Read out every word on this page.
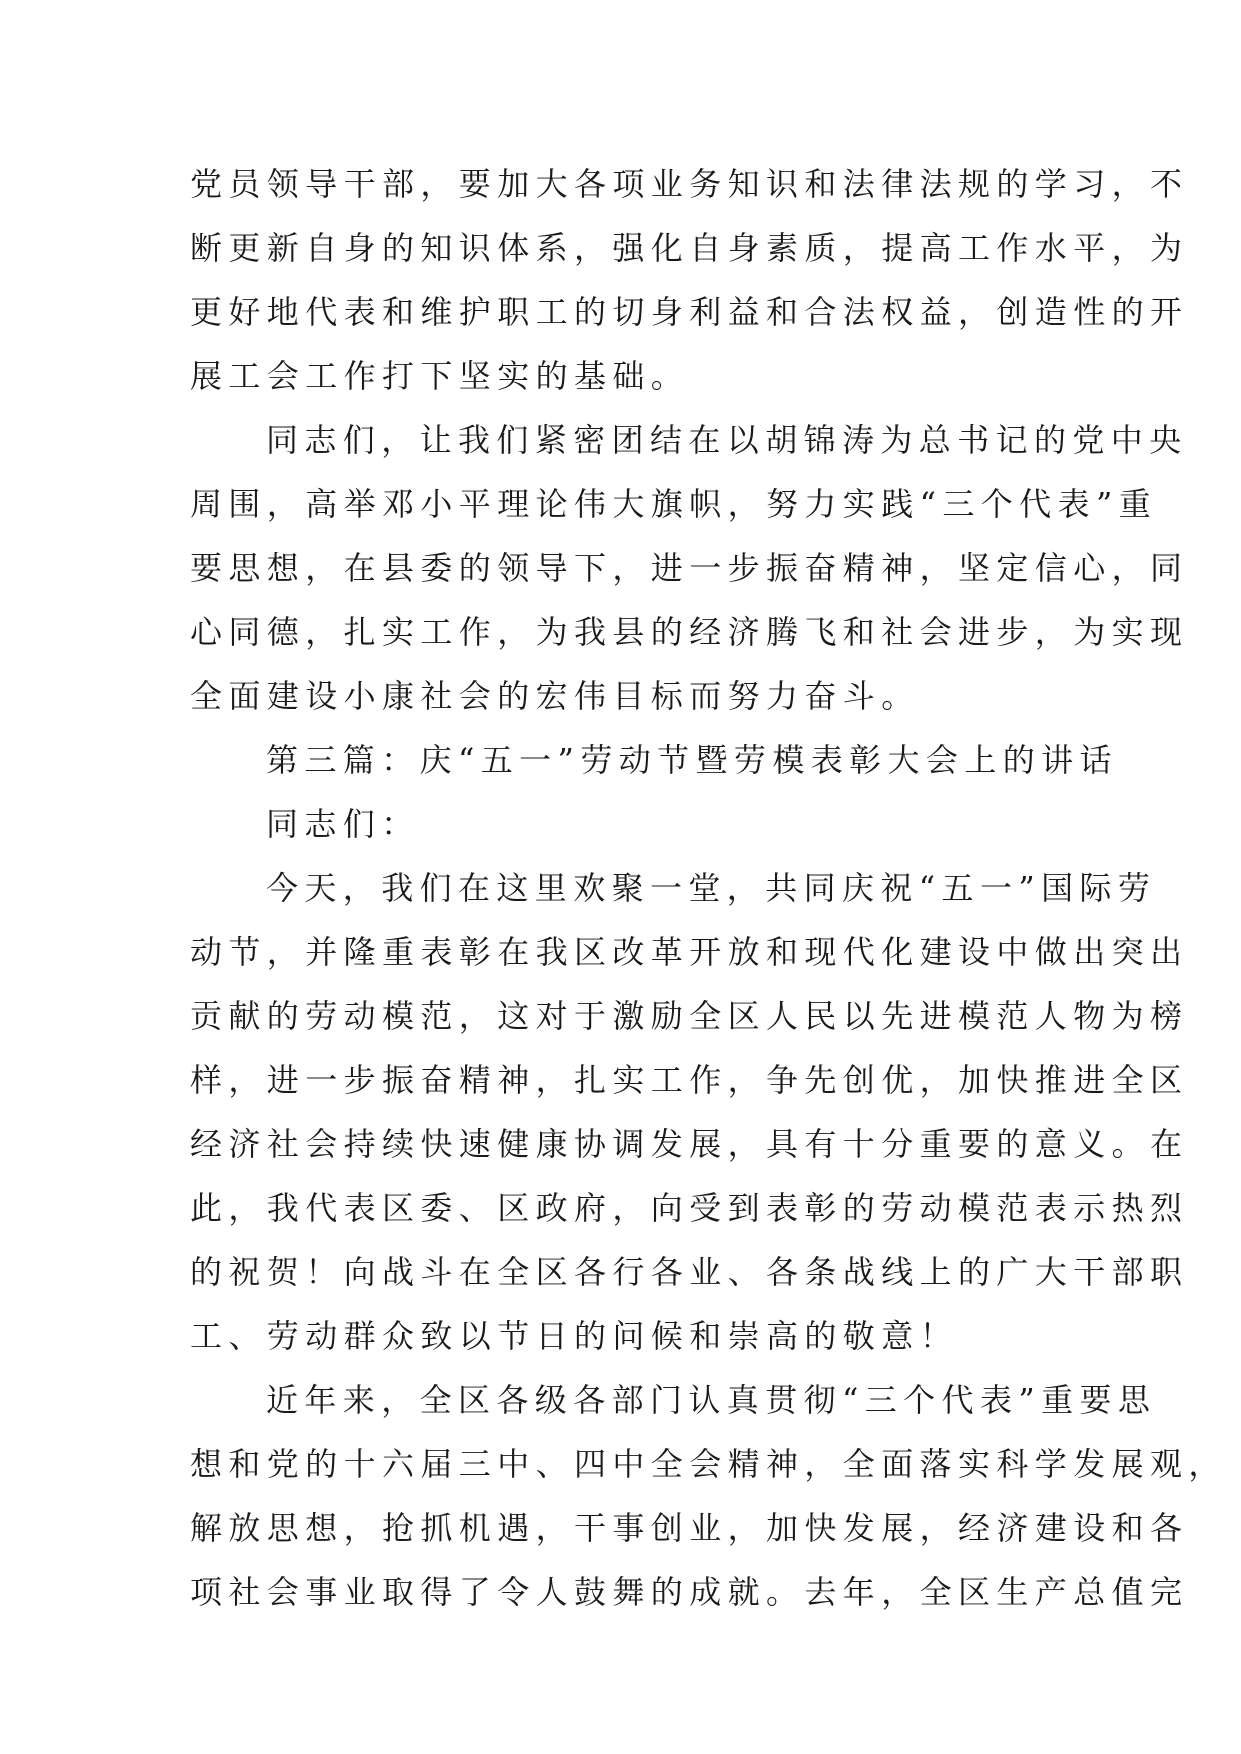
党员领导干部，要加大各项业务知识和法律法规的学习，不
断更新自身的知识体系，强化自身素质，提高工作水平，为
更好地代表和维护职工的切身利益和合法权益，创造性的开
展工会工作打下坚实的基础。
同志们，让我们紧密团结在以胡锦涛为总书记的党中央
周围，高举邓小平理论伟大旗帜，努力实践“三个代表”重
要思想，在县委的领导下，进一步振奋精神，坚定信心，同
心同德，扎实工作，为我县的经济腾飞和社会进步，为实现
全面建设小康社会的宏伟目标而努力奋斗。
第三篇：庆“五一”劳动节暨劳模表彰大会上的讲话
同志们：
今天，我们在这里欢聚一堂，共同庆祝“五一”国际劳
动节，并隆重表彰在我区改革开放和现代化建设中做出突出
贡献的劳动模范，这对于激励全区人民以先进模范人物为榜
样，进一步振奋精神，扎实工作，争先创优，加快推进全区
经济社会持续快速健康协调发展，具有十分重要的意义。在
此，我代表区委、区政府，向受到表彰的劳动模范表示热烈
的祝贺！向战斗在全区各行各业、各条战线上的广大干部职
工、劳动群众致以节日的问候和崇高的敬意！
近年来，全区各级各部门认真贯彻“三个代表”重要思
想和党的十六届三中、四中全会精神，全面落实科学发展观，
解放思想，抢抓机遇，干事创业，加快发展，经济建设和各
项社会事业取得了令人鼓舞的成就。去年，全区生产总值完
